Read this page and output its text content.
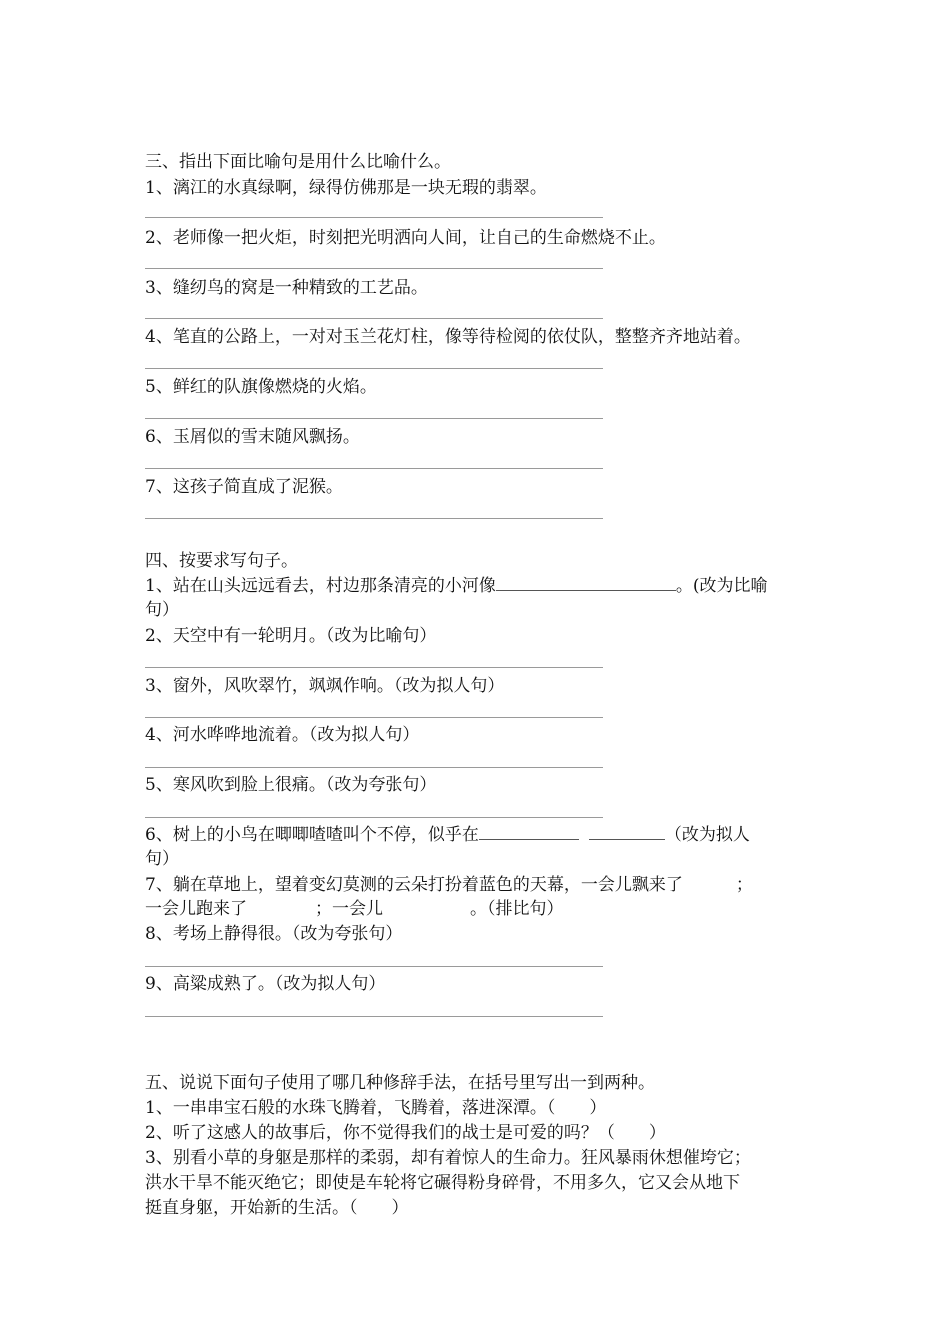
三、指出下面比喻句是用什么比喻什么。
1、漓江的水真绿啊，绿得仿佛那是一块无瑕的翡翠。
2、老师像一把火炬，时刻把光明洒向人间，让自己的生命燃烧不止。
3、缝纫鸟的窝是一种精致的工艺品。
4、笔直的公路上，一对对玉兰花灯柱，像等待检阅的依仗队，整整齐齐地站着。
5、鲜红的队旗像燃烧的火焰。
6、玉屑似的雪末随风飘扬。
7、这孩子简直成了泥猴。
四、按要求写句子。
1、站在山头远远看去，村边那条清亮的小河像	。(改为比喻
句）
2、天空中有一轮明月。（改为比喻句）
3、窗外，风吹翠竹，飒飒作响。（改为拟人句）
4、河水哗哗地流着。（改为拟人句）
5、寒风吹到脸上很痛。（改为夸张句）
6、树上的小鸟在唧唧喳喳叫个不停，似乎在	（改为拟人
句）
7、躺在草地上，望着变幻莫测的云朵打扮着蓝色的天幕，一会儿飘来了	；
一会儿跑来了	；一会儿	。（排比句）
8、考场上静得很。（改为夸张句）
9、高粱成熟了。（改为拟人句）
五、说说下面句子使用了哪几种修辞手法，在括号里写出一到两种。
1、一串串宝石般的水珠飞腾着，飞腾着，落进深潭。（　　）
2、听了这感人的故事后，你不觉得我们的战士是可爱的吗？（　　）
3、别看小草的身躯是那样的柔弱，却有着惊人的生命力。狂风暴雨休想催垮它；
洪水干旱不能灭绝它；即使是车轮将它碾得粉身碎骨，不用多久，它又会从地下
挺直身躯，开始新的生活。（　　）
